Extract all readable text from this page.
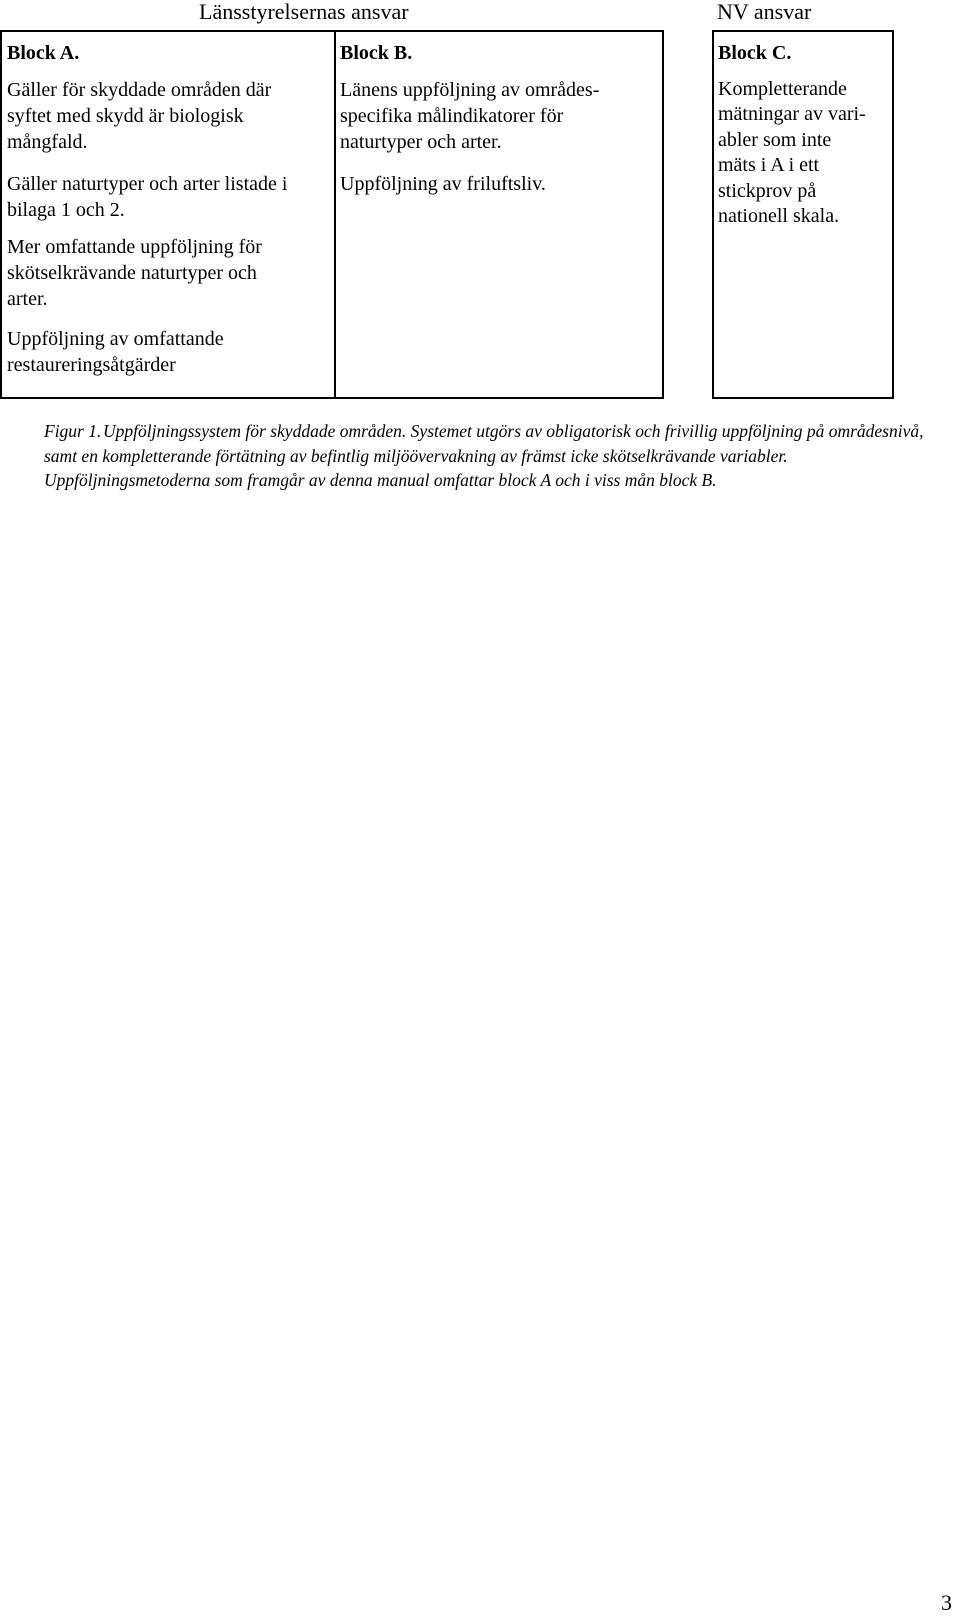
Länsstyrelsernas ansvar	NV ansvar
Block A.
Gäller för skyddade områden där
syftet med skydd är biologisk
mångfald.
Gäller naturtyper och arter listade i
bilaga 1 och 2.
Mer omfattande uppföljning för
skötselkrävande naturtyper och
arter.
Uppföljning av omfattande
restaureringsåtgärder
Block B.
Länens uppföljning av områdes-
specifika målindikatorer för
naturtyper och arter.
Uppföljning av friluftsliv.
Block C.
Kompletterande
mätningar av vari-
abler som inte
mäts i A i ett
stickprov på
nationell skala.
Figur 1. Uppföljningssystem för skyddade områden. Systemet utgörs av obligatorisk och frivillig uppföljning på områdesnivå, samt en kompletterande förtätning av befintlig miljöövervakning av främst icke skötselkrävande variabler. Uppföljningsmetoderna som framgår av denna manual omfattar block A och i viss mån block B.
3
